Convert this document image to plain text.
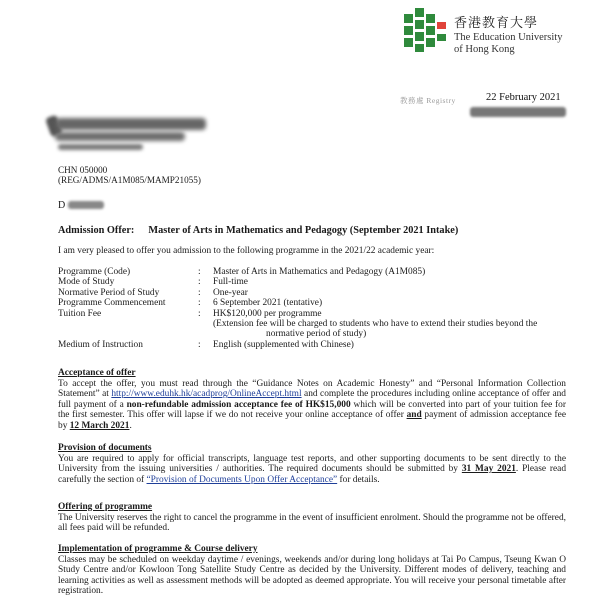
香港教育大學
The Education University
of Hong Kong
教務處 Registry	22 February 2021
CHN 050000
(REG/ADMS/A1M085/MAMP21055)
D
Admission Offer: Master of Arts in Mathematics and Pedagogy (September 2021 Intake)
I am very pleased to offer you admission to the following programme in the 2021/22 academic year:
Programme (Code)	: Master of Arts in Mathematics and Pedagogy (A1M085)
Mode of Study	: Full-time
Normative Period of Study	: One-year
Programme Commencement	: 6 September 2021 (tentative)
Tuition Fee	: HK$120,000 per programme
(Extension fee will be charged to students who have to extend their studies beyond the
normative period of study)
Medium of Instruction	: English (supplemented with Chinese)
Acceptance of offer

To accept the offer, you must read through the “Guidance Notes on Academic Honesty” and “Personal Information Collection Statement” at http://www.eduhk.hk/acadprog/OnlineAccept.html and complete the procedures including online acceptance of offer and full payment of a non-refundable admission acceptance fee of HK$15,000 which will be converted into part of your tuition fee for the first semester. This offer will lapse if we do not receive your online acceptance of offer and payment of admission acceptance fee by 12 March 2021.

Provision of documents

You are required to apply for official transcripts, language test reports, and other supporting documents to be sent directly to the University from the issuing universities / authorities. The required documents should be submitted by 31 May 2021. Please read carefully the section of “Provision of Documents Upon Offer Acceptance” for details.

Offering of programme

The University reserves the right to cancel the programme in the event of insufficient enrolment. Should the programme not be offered, all fees paid will be refunded.

Implementation of programme & Course delivery

Classes may be scheduled on weekday daytime / evenings, weekends and/or during long holidays at Tai Po Campus, Tseung Kwan O Study Centre and/or Kowloon Tong Satellite Study Centre as decided by the University. Different modes of delivery, teaching and learning activities as well as assessment methods will be adopted as deemed appropriate. You will receive your personal timetable after registration.
